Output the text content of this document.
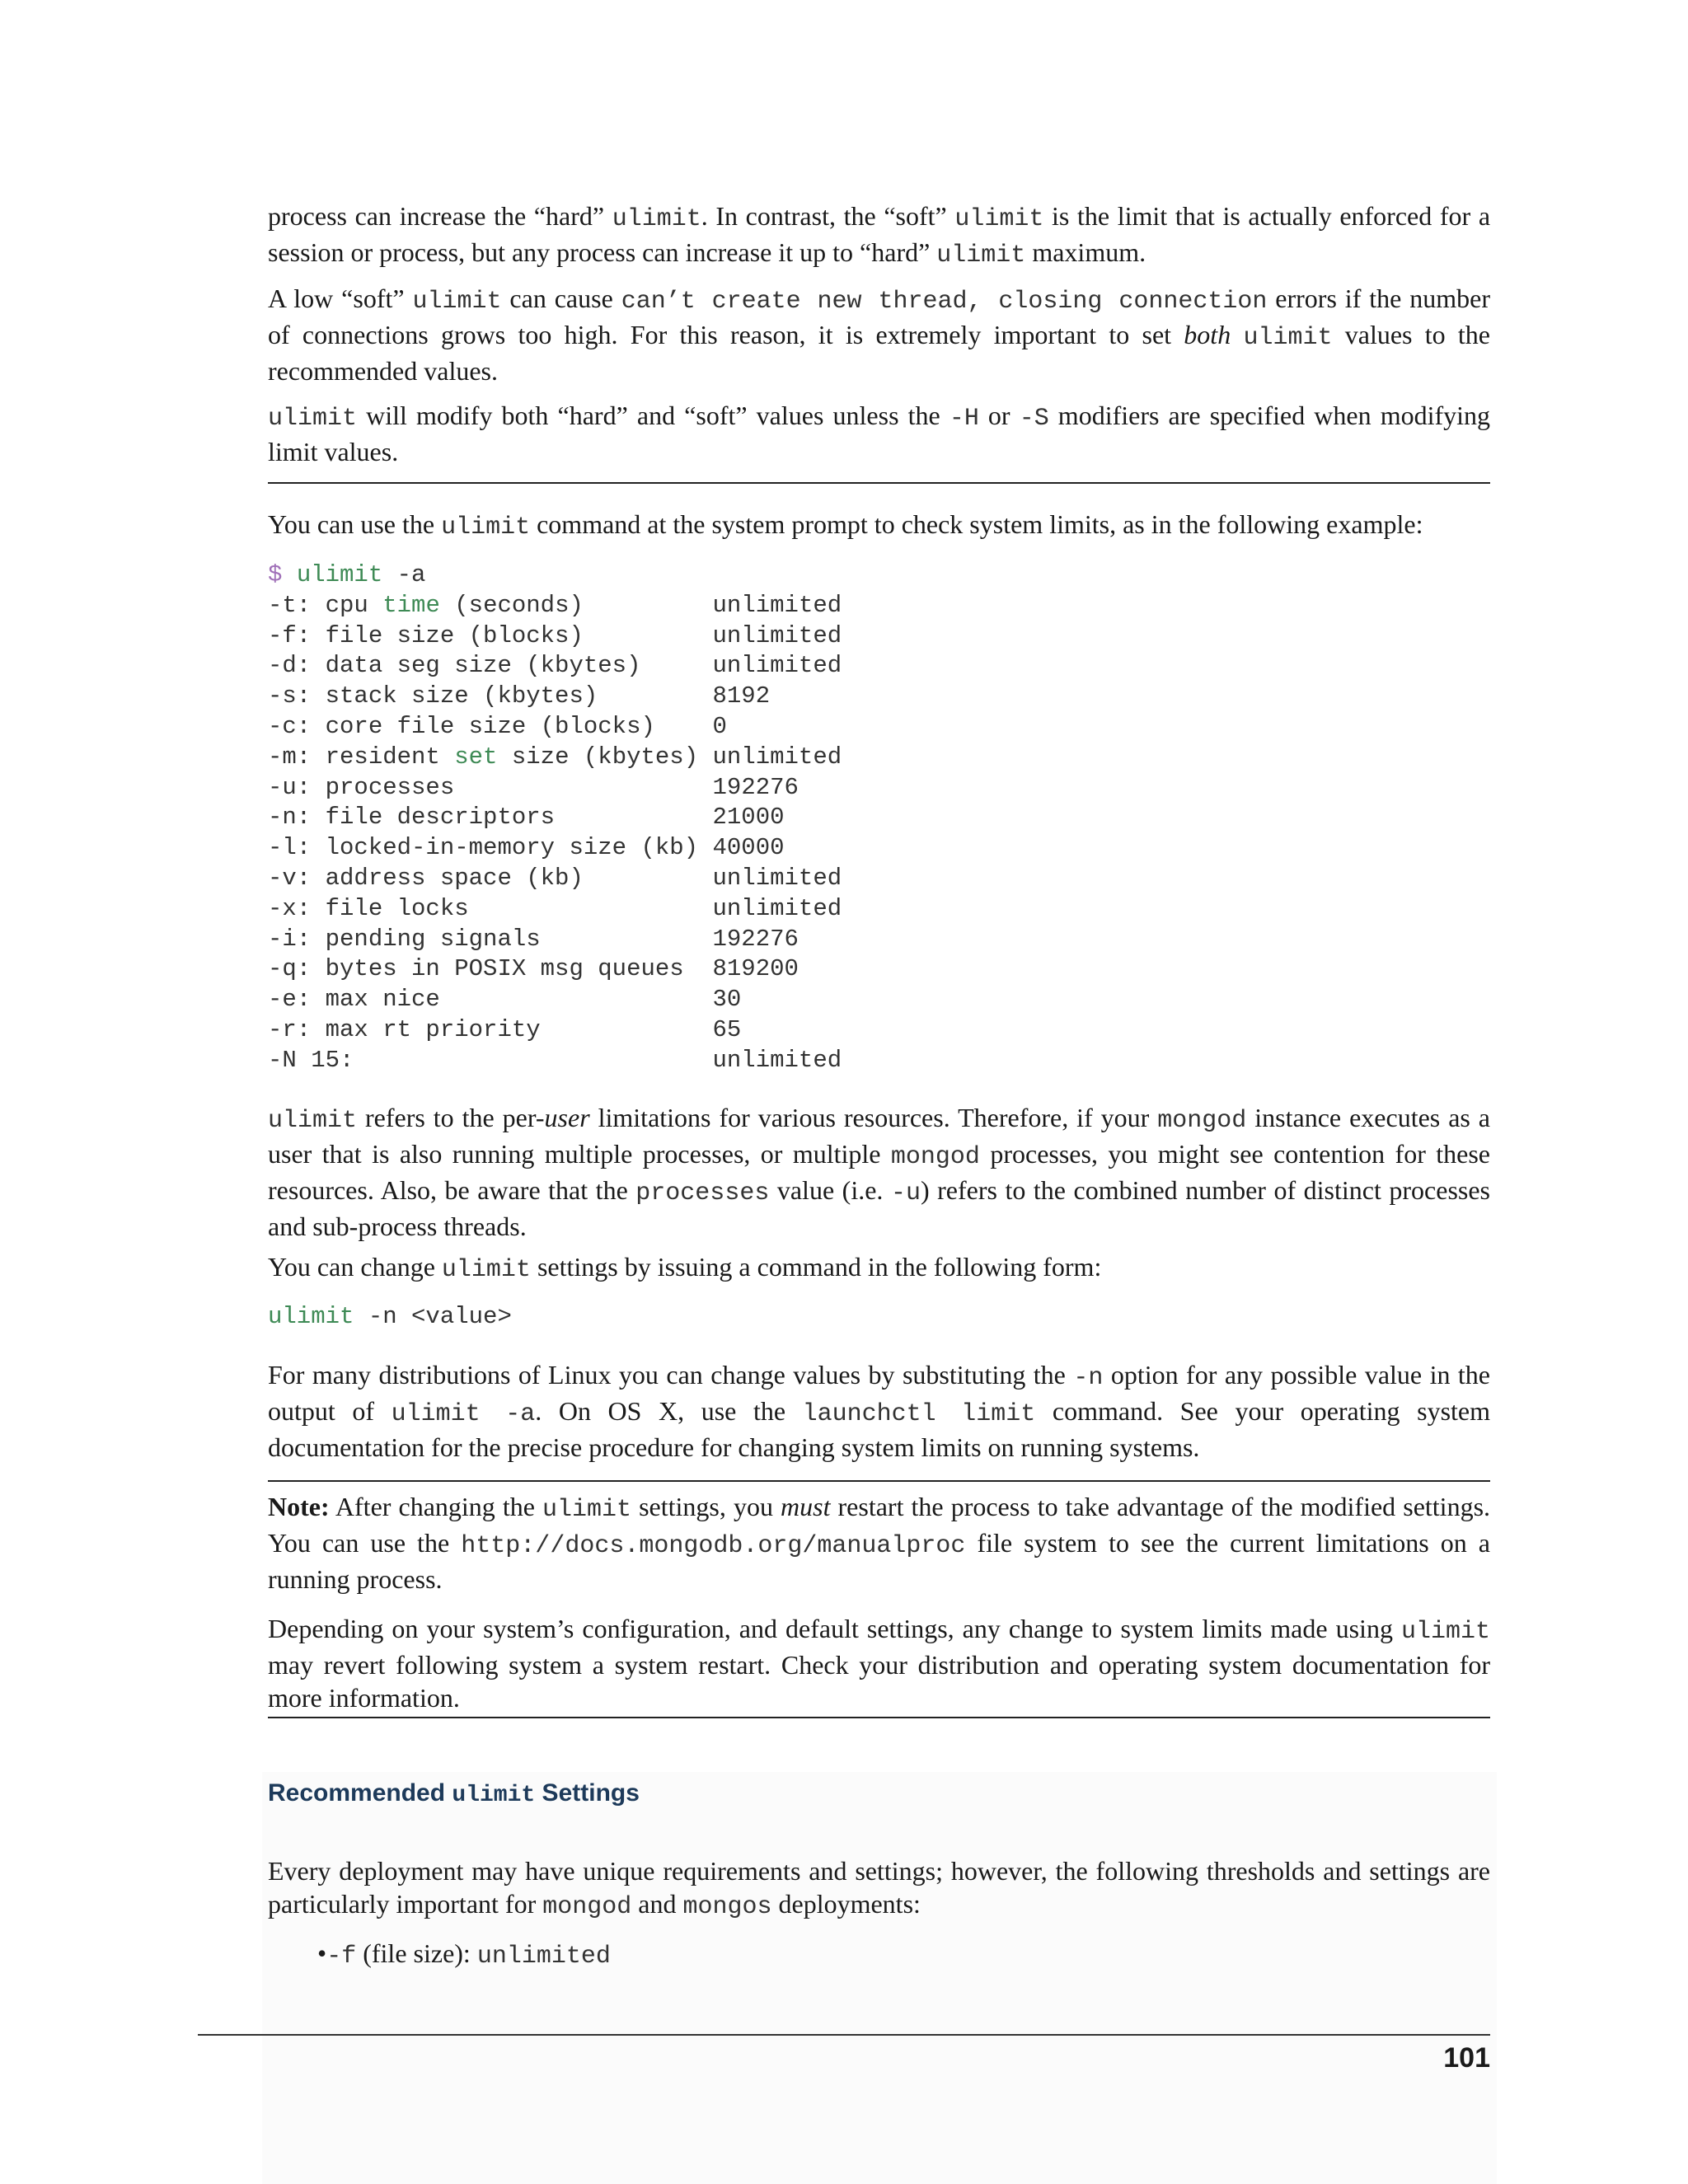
process can increase the “hard” ulimit. In contrast, the “soft” ulimit is the limit that is actually enforced for a session or process, but any process can increase it up to “hard” ulimit maximum.

A low “soft” ulimit can cause can’t create new thread, closing connection errors if the number of connections grows too high. For this reason, it is extremely important to set both ulimit values to the recommended values.

ulimit will modify both “hard” and “soft” values unless the -H or -S modifiers are specified when modifying limit values.

You can use the ulimit command at the system prompt to check system limits, as in the following example:

$ ulimit -a

-t: cpu time (seconds)	unlimited
-f: file size (blocks)	unlimited
-d: data seg size (kbytes)	unlimited
-s: stack size (kbytes)	8192
-c: core file size (blocks) 0
-m: resident set size (kbytes) unlimited
-u: processes	192276
-n: file descriptors	21000
-l: locked-in-memory size (kb) 40000
-v: address space (kb)	unlimited
-x: file locks	unlimited
-i: pending signals	192276
-q: bytes in POSIX msg queues 819200
-e: max nice	30
-r: max rt priority	65
-N 15:	unlimited

ulimit refers to the per-user limitations for various resources. Therefore, if your mongod instance executes as a user that is also running multiple processes, or multiple mongod processes, you might see contention for these resources. Also, be aware that the processes value (i.e. -u) refers to the combined number of distinct processes and sub-process threads.

You can change ulimit settings by issuing a command in the following form:

ulimit -n <value>

For many distributions of Linux you can change values by substituting the -n option for any possible value in the output of ulimit -a. On OS X, use the launchctl limit command. See your operating system documentation for the precise procedure for changing system limits on running systems.

Note: After changing the ulimit settings, you must restart the process to take advantage of the modified settings. You can use the http://docs.mongodb.org/manualproc file system to see the current limitations on a running process.

Depending on your system’s configuration, and default settings, any change to system limits made using ulimit may revert following system a system restart. Check your distribution and operating system documentation for more information.

Recommended ulimit Settings

Every deployment may have unique requirements and settings; however, the following thresholds and settings are particularly important for mongod and mongos deployments:

•-f (file size): unlimited
101
